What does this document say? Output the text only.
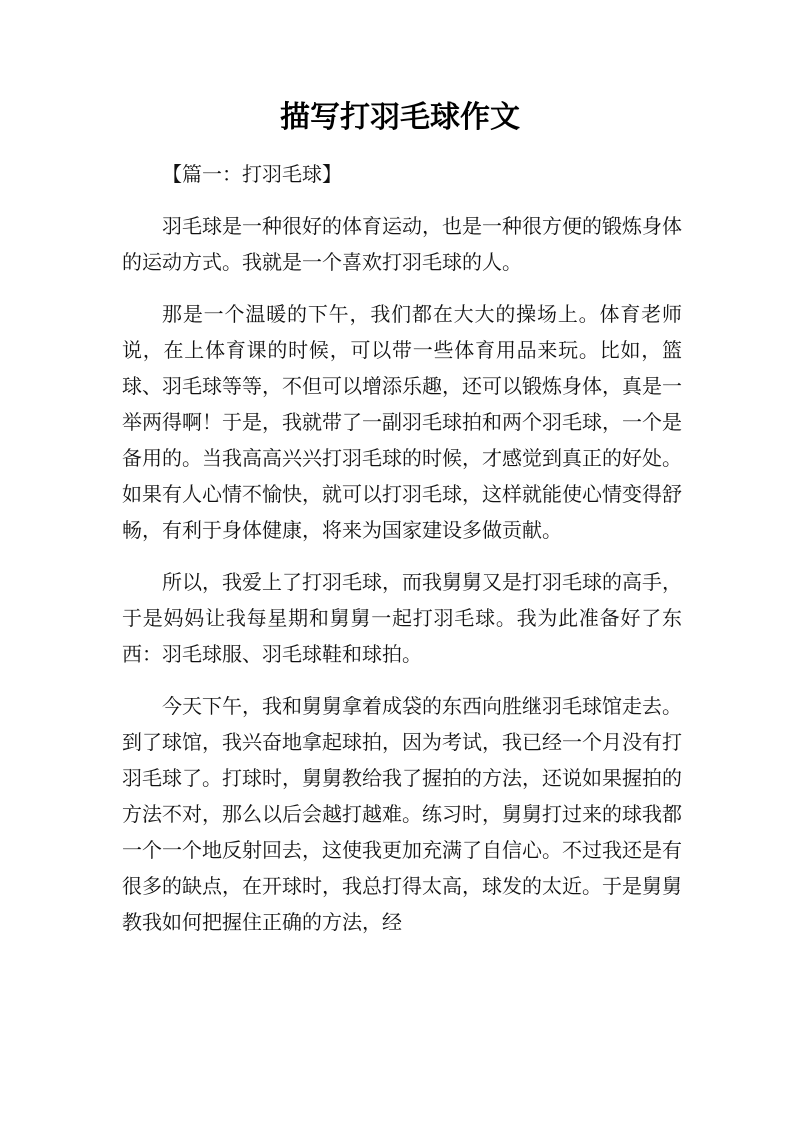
描写打羽毛球作文

【篇一：打羽毛球】

羽毛球是一种很好的体育运动，也是一种很方便的锻炼身体的运动方式。我就是一个喜欢打羽毛球的人。

那是一个温暖的下午，我们都在大大的操场上。体育老师说，在上体育课的时候，可以带一些体育用品来玩。比如，篮球、羽毛球等等，不但可以增添乐趣，还可以锻炼身体，真是一举两得啊！于是，我就带了一副羽毛球拍和两个羽毛球，一个是备用的。当我高高兴兴打羽毛球的时候，才感觉到真正的好处。如果有人心情不愉快，就可以打羽毛球，这样就能使心情变得舒畅，有利于身体健康，将来为国家建设多做贡献。

所以，我爱上了打羽毛球，而我舅舅又是打羽毛球的高手，于是妈妈让我每星期和舅舅一起打羽毛球。我为此准备好了东西：羽毛球服、羽毛球鞋和球拍。

今天下午，我和舅舅拿着成袋的东西向胜继羽毛球馆走去。到了球馆，我兴奋地拿起球拍，因为考试，我已经一个月没有打羽毛球了。打球时，舅舅教给我了握拍的方法，还说如果握拍的方法不对，那么以后会越打越难。练习时，舅舅打过来的球我都一个一个地反射回去，这使我更加充满了自信心。不过我还是有很多的缺点，在开球时，我总打得太高，球发的太近。于是舅舅教我如何把握住正确的方法，经
